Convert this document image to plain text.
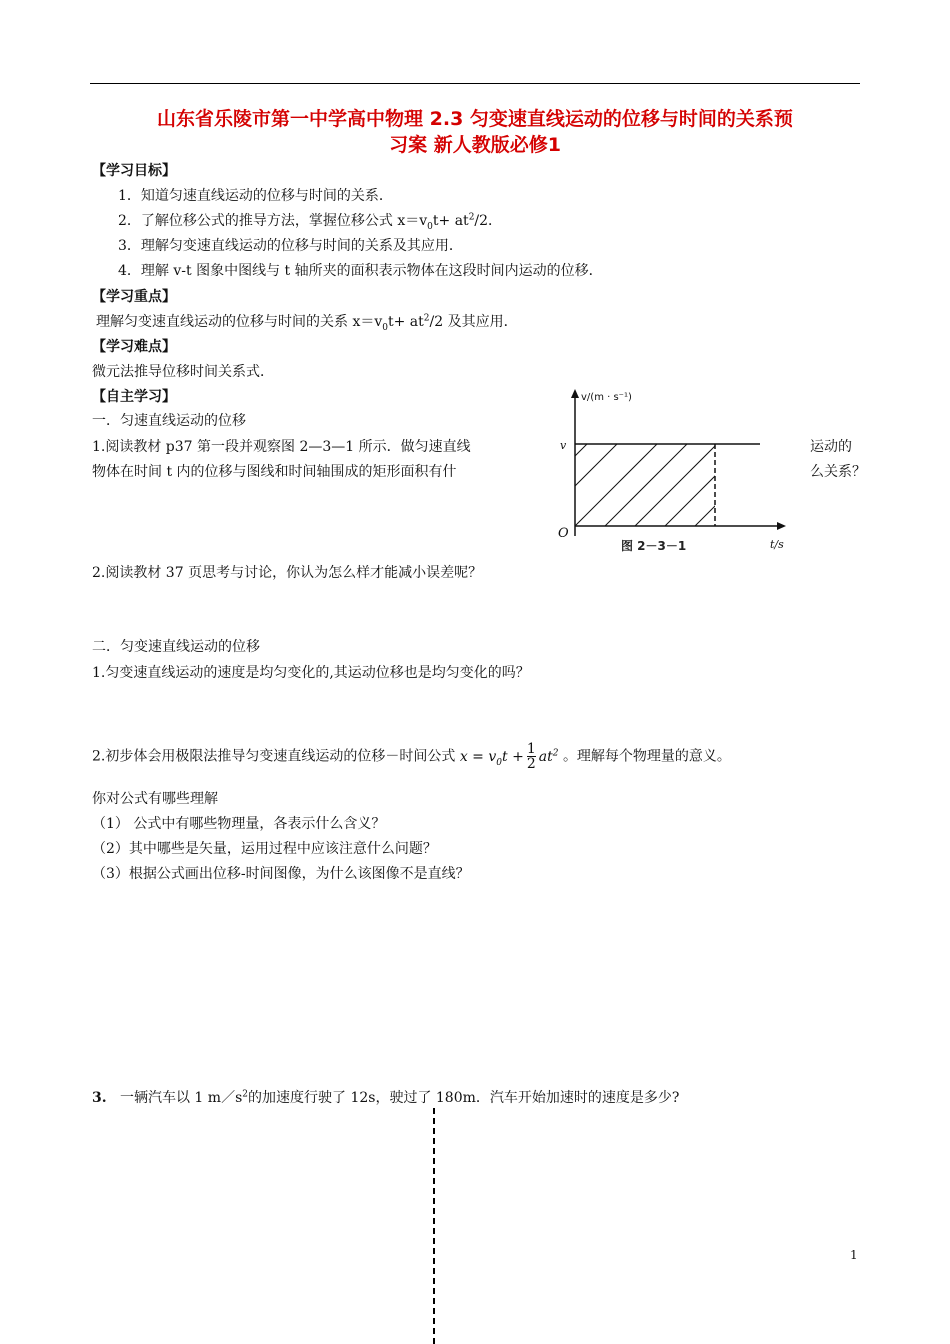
山东省乐陵市第一中学高中物理 2.3 匀变速直线运动的位移与时间的关系预
习案 新人教版必修1
【学习目标】
1．知道匀速直线运动的位移与时间的关系．
2．了解位移公式的推导方法，掌握位移公式 $x=v_0t+ at^2/2$．
3．理解匀变速直线运动的位移与时间的关系及其应用．
4．理解 v-t 图象中图线与 t 轴所夹的面积表示物体在这段时间内运动的位移．
【学习重点】
理解匀变速直线运动的位移与时间的关系 $x=v_0t+ at^2/2$ 及其应用．
【学习难点】
微元法推导位移时间关系式．
【自主学习】
一．匀速直线运动的位移
1.阅读教材 p37 第一段并观察图 2—3—1 所示．做匀速直线	运动的
物体在时间 t 内的位移与图线和时间轴围成的矩形面积有什	么关系？
v/(m · s⁻¹)
v
O
t/s
图 2－3－1
2.阅读教材 37 页思考与讨论，你认为怎么样才能减小误差呢？
二．匀变速直线运动的位移
1.匀变速直线运动的速度是均匀变化的,其运动位移也是均匀变化的吗？
2.初步体会用极限法推导匀变速直线运动的位移－时间公式 $x = v_0t + \frac{1}{2} at^2$ 。理解每个物理量的意义。
你对公式有哪些理解
（1） 公式中有哪些物理量，各表示什么含义？
（2）其中哪些是矢量，运用过程中应该注意什么问题？
（3）根据公式画出位移-时间图像，为什么该图像不是直线？
3. 一辆汽车以 1 $m/s^2$的加速度行驶了 12s，驶过了 180m．汽车开始加速时的速度是多少?
1
